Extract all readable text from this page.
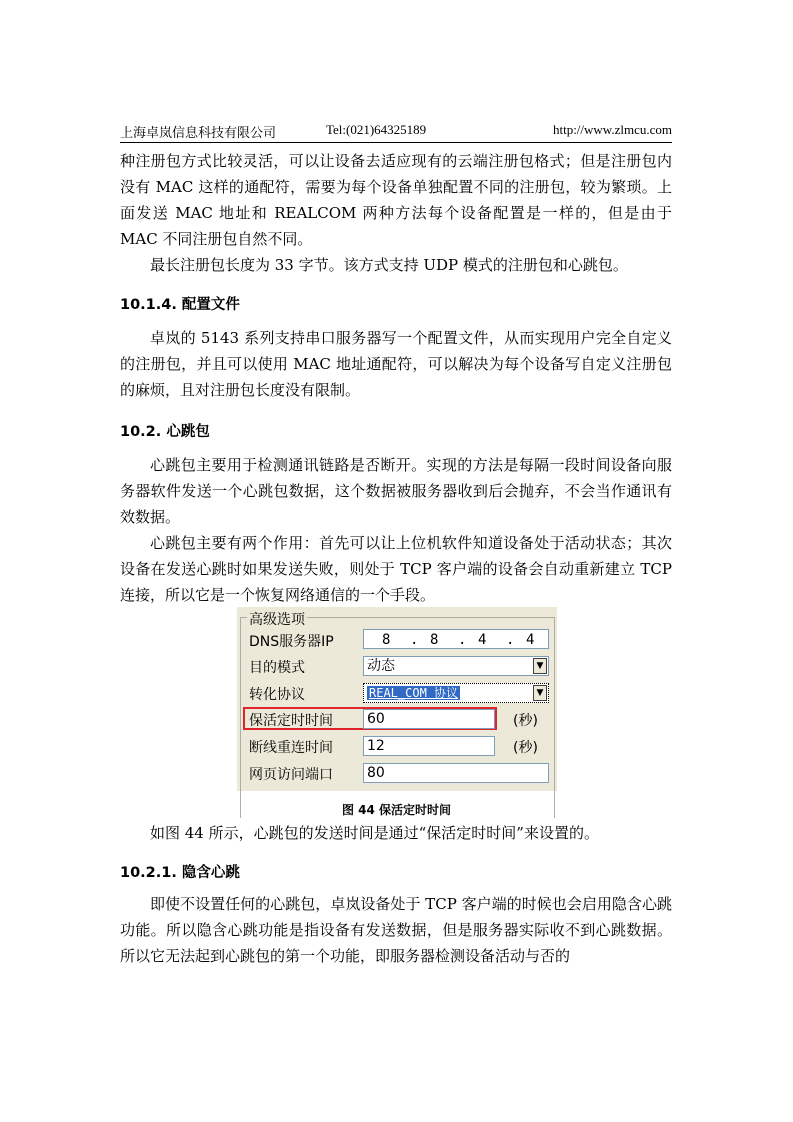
上海卓岚信息科技有限公司	Tel:(021)64325189	http://www.zlmcu.com

种注册包方式比较灵活，可以让设备去适应现有的云端注册包格式；但是注册包内没有 MAC 这样的通配符，需要为每个设备单独配置不同的注册包，较为繁琐。上面发送 MAC 地址和 REALCOM 两种方法每个设备配置是一样的，但是由于 MAC 不同注册包自然不同。

最长注册包长度为 33 字节。该方式支持 UDP 模式的注册包和心跳包。

10.1.4. 配置文件

卓岚的 5143 系列支持串口服务器写一个配置文件，从而实现用户完全自定义的注册包，并且可以使用 MAC 地址通配符，可以解决为每个设备写自定义注册包的麻烦，且对注册包长度没有限制。

10.2. 心跳包

心跳包主要用于检测通讯链路是否断开。实现的方法是每隔一段时间设备向服务器软件发送一个心跳包数据，这个数据被服务器收到后会抛弃，不会当作通讯有效数据。

心跳包主要有两个作用：首先可以让上位机软件知道设备处于活动状态；其次设备在发送心跳时如果发送失败，则处于 TCP 客户端的设备会自动重新建立 TCP 连接，所以它是一个恢复网络通信的一个手段。

高级选项
DNS服务器IP	8 . 8 . 4 . 4
目的模式	动态	▼
转化协议	REAL_COM 协议	▼
保活定时时间 60	(秒)
断线重连时间 12	(秒)
网页访问端口 80
图 44 保活定时时间

如图 44 所示，心跳包的发送时间是通过“保活定时时间”来设置的。

10.2.1. 隐含心跳

即使不设置任何的心跳包，卓岚设备处于 TCP 客户端的时候也会启用隐含心跳功能。所以隐含心跳功能是指设备有发送数据，但是服务器实际收不到心跳数据。所以它无法起到心跳包的第一个功能，即服务器检测设备活动与否的
